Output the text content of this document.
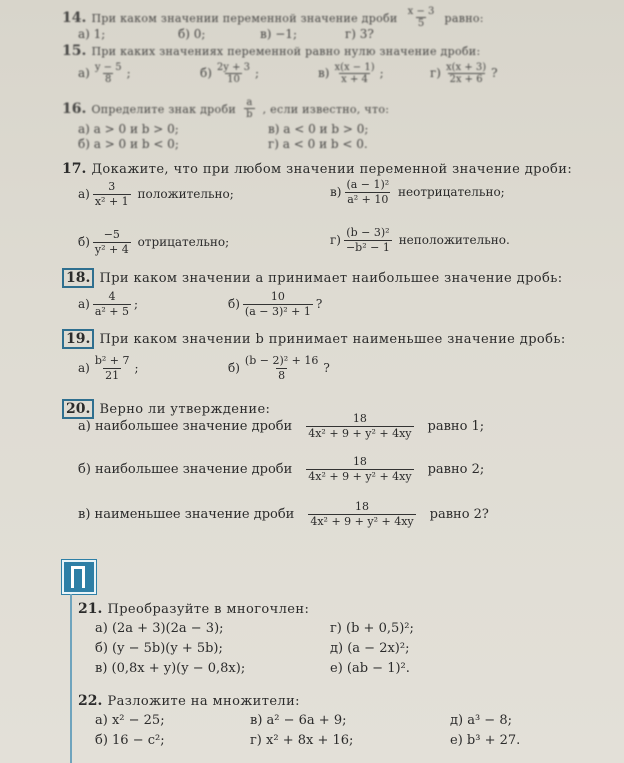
14. При каком значении переменной значение дроби $\frac{x - 3}{5}$ равно:
а) 1;	б) 0;	в) −1;	г) 3?
15. При каких значениях переменной равно нулю значение дроби:
$а) \frac{y - 5}{8}$ ;	$б) \frac{2y + 3}{10}$ ;	$в) \frac{x(x - 1)}{x + 4}$ ;	$г) \frac{x(x + 3)}{2x + 6}$ ?
16. Определите знак дроби $\frac{a}{b}$ , если известно, что:
а) a > 0 и b > 0;	в) a < 0 и b > 0;
б) a > 0 и b < 0;	г) a < 0 и b < 0.
17. Докажите, что при любом значении переменной значение дроби:
$а) \frac{3}{\text{x² + 1}}$ положительно;	$в) \frac{\text{(a − 1)²}}{\text{a² + 10}}$ неотрицательно;
$б) \frac{-5}{\text{y² + 4}}$ отрицательно;	$г) \frac{\text{(b − 3)²}}{\text{−b² − 1}}$ неположительно.
18. При каком значении a принимает наибольшее значение дробь:
$а) \frac{4}{\text{a² + 5}}$ ;	$б) \frac{10}{\text{(a − 3)² + 1}}$ ?
19. При каком значении b принимает наименьшее значение дробь:
$а) \frac{\text{b² + 7}}{21}$ ;	$б) \frac{\text{(b − 2)² + 16}}{8}$ ?
20. Верно ли утверждение:
а) наибольшее значение дроби $\frac{18}{\text{4x² + 9 + y² + 4xy}}$ равно 1;
б) наибольшее значение дроби $\frac{18}{\text{4x² + 9 + y² + 4xy}}$ равно 2;
в) наименьшее значение дроби $\frac{18}{\text{4x² + 9 + y² + 4xy}}$ равно 2?
21. Преобразуйте в многочлен:
а) (2a + 3)(2a − 3);	г) (b + 0,5)²;
б) (y − 5b)(y + 5b);	д) (a − 2x)²;
в) (0,8x + y)(y − 0,8x);	е) (ab − 1)².
22. Разложите на множители:
а) x² − 25;	в) a² − 6a + 9;	д) a³ − 8;
б) 16 − c²;	г) x² + 8x + 16;	е) b³ + 27.
